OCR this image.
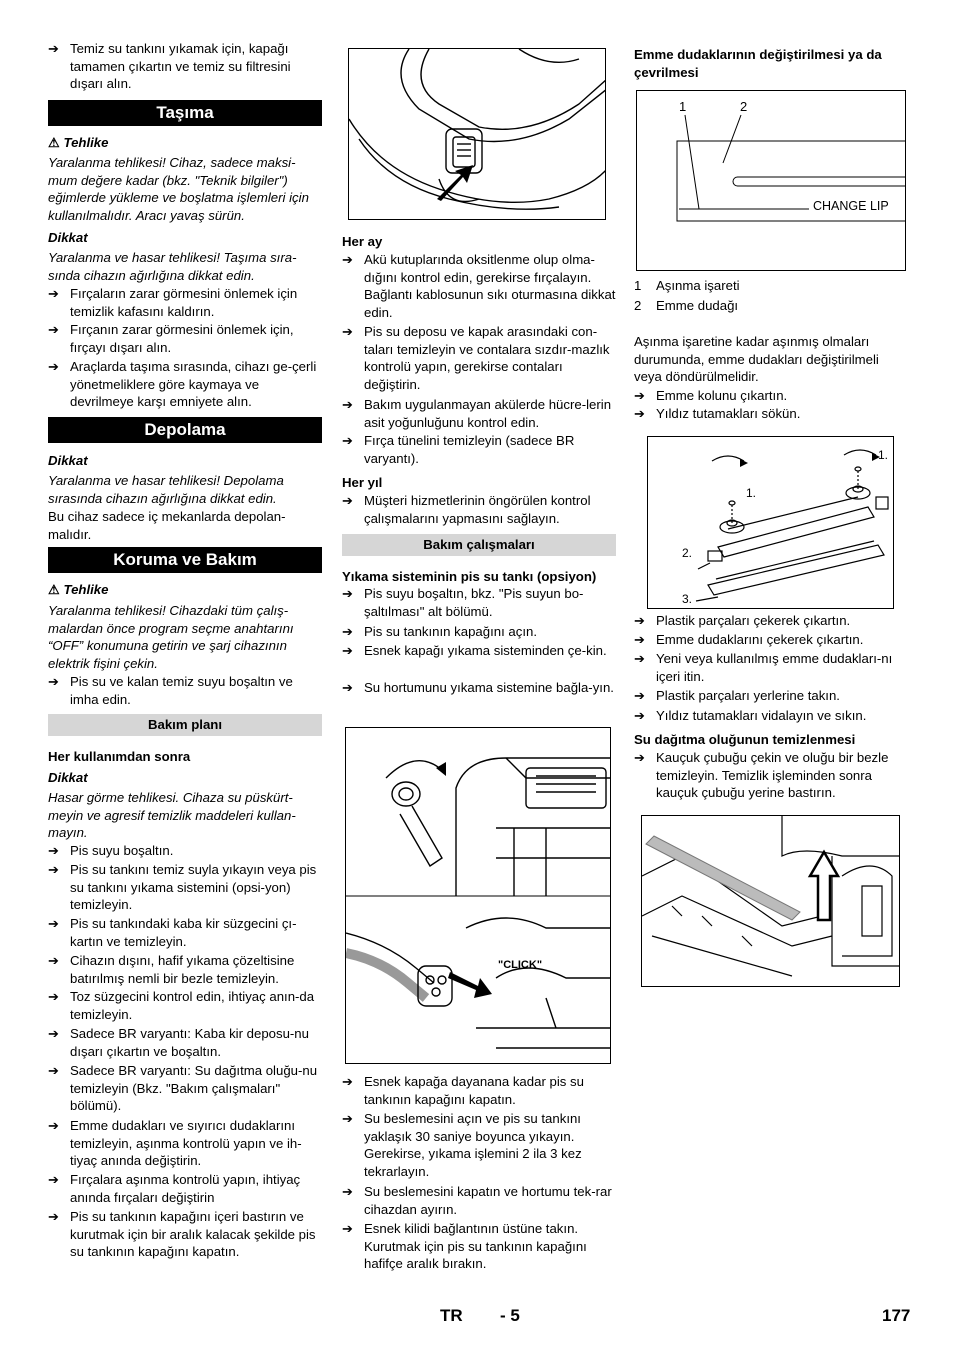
➔ Temiz su tankını yıkamak için, kapağı tamamen çıkartın ve temiz su filtresini dışarı alın.
Taşıma
⚠ Tehlike
Yaralanma tehlikesi! Cihaz, sadece maksi-mum değere kadar (bkz. "Teknik bilgiler") eğimlerde yükleme ve boşlatma işlemleri için kullanılmalıdır. Aracı yavaş sürün.
Dikkat
Yaralanma ve hasar tehlikesi! Taşıma sıra-sında cihazın ağırlığına dikkat edin.
➔ Fırçaların zarar görmesini önlemek için temizlik kafasını kaldırın.
➔ Fırçanın zarar görmesini önlemek için, fırçayı dışarı alın.
➔ Araçlarda taşıma sırasında, cihazı ge-çerli yönetmeliklere göre kaymaya ve devrilmeye karşı emniyete alın.
Depolama
Dikkat
Yaralanma ve hasar tehlikesi! Depolama sırasında cihazın ağırlığına dikkat edin.
Bu cihaz sadece iç mekanlarda depolan-malıdır.
Koruma ve Bakım
⚠ Tehlike
Yaralanma tehlikesi! Cihazdaki tüm çalış-malardan önce program seçme anahtarını “OFF” konumuna getirin ve şarj cihazının elektrik fişini çekin.
➔ Pis su ve kalan temiz suyu boşaltın ve imha edin.
Bakım planı
Her kullanımdan sonra
Dikkat
Hasar görme tehlikesi. Cihaza su püskürt-meyin ve agresif temizlik maddeleri kullan-mayın.
➔ Pis suyu boşaltın.
➔ Pis su tankını temiz suyla yıkayın veya pis su tankını yıkama sistemini (opsi-yon) temizleyin.
➔ Pis su tankındaki kaba kir süzgecini çı-kartın ve temizleyin.
➔ Cihazın dışını, hafif yıkama çözeltisine batırılmış nemli bir bezle temizleyin.
➔ Toz süzgecini kontrol edin, ihtiyaç anın-da temizleyin.
➔ Sadece BR varyantı: Kaba kir deposu-nu dışarı çıkartın ve boşaltın.
➔ Sadece BR varyantı: Su dağıtma oluğu-nu temizleyin (Bkz. "Bakım çalışmaları" bölümü).
➔ Emme dudakları ve sıyırıcı dudaklarını temizleyin, aşınma kontrolü yapın ve ih-tiyaç anında değiştirin.
➔ Fırçalara aşınma kontrolü yapın, ihtiyaç anında fırçaları değiştirin
➔ Pis su tankının kapağını içeri bastırın ve kurutmak için bir aralık kalacak şekilde pis su tankının kapağını kapatın.
Her ay
➔ Akü kutuplarında oksitlenme olup olma-dığını kontrol edin, gerekirse fırçalayın. Bağlantı kablosunun sıkı oturmasına dikkat edin.
➔ Pis su deposu ve kapak arasındaki con-taları temizleyin ve contalara sızdır-mazlık kontrolü yapın, gerekirse contaları değiştirin.
➔ Bakım uygulanmayan akülerde hücre-lerin asit yoğunluğunu kontrol edin.
➔ Fırça tünelini temizleyin (sadece BR varyantı).
Her yıl
➔ Müşteri hizmetlerinin öngörülen kontrol çalışmalarını yapmasını sağlayın.
Bakım çalışmaları
Yıkama sisteminin pis su tankı (opsiyon)
➔ Pis suyu boşaltın, bkz. "Pis suyun bo-şaltılması" alt bölümü.
➔ Pis su tankının kapağını açın.
➔ Esnek kapağı yıkama sisteminden çe-kin.
➔ Su hortumunu yıkama sistemine bağla-yın.
"CLICK"
➔ Esnek kapağa dayanana kadar pis su tankının kapağını kapatın.
➔ Su beslemesini açın ve pis su tankını yaklaşık 30 saniye boyunca yıkayın. Gerekirse, yıkama işlemini 2 ila 3 kez tekrarlayın.
➔ Su beslemesini kapatın ve hortumu tek-rar cihazdan ayırın.
➔ Esnek kilidi bağlantının üstüne takın. Kurutmak için pis su tankının kapağını hafifçe aralık bırakın.
Emme dudaklarının değiştirilmesi ya da çevrilmesi
1	2
CHANGE LIP
1 Aşınma işareti
2 Emme dudağı
Aşınma işaretine kadar aşınmış olmaları durumunda, emme dudakları değiştirilmeli veya döndürülmelidir.
➔ Emme kolunu çıkartın.
➔ Yıldız tutamakları sökün.
1.
1.
2.
3.
➔ Plastik parçaları çekerek çıkartın.
➔ Emme dudaklarını çekerek çıkartın.
➔ Yeni veya kullanılmış emme dudakları-nı içeri itin.
➔ Plastik parçaları yerlerine takın.
➔ Yıldız tutamakları vidalayın ve sıkın.
Su dağıtma oluğunun temizlenmesi
➔ Kauçuk çubuğu çekin ve oluğu bir bezle temizleyin. Temizlik işleminden sonra kauçuk çubuğu yerine bastırın.
TR - 5	177
